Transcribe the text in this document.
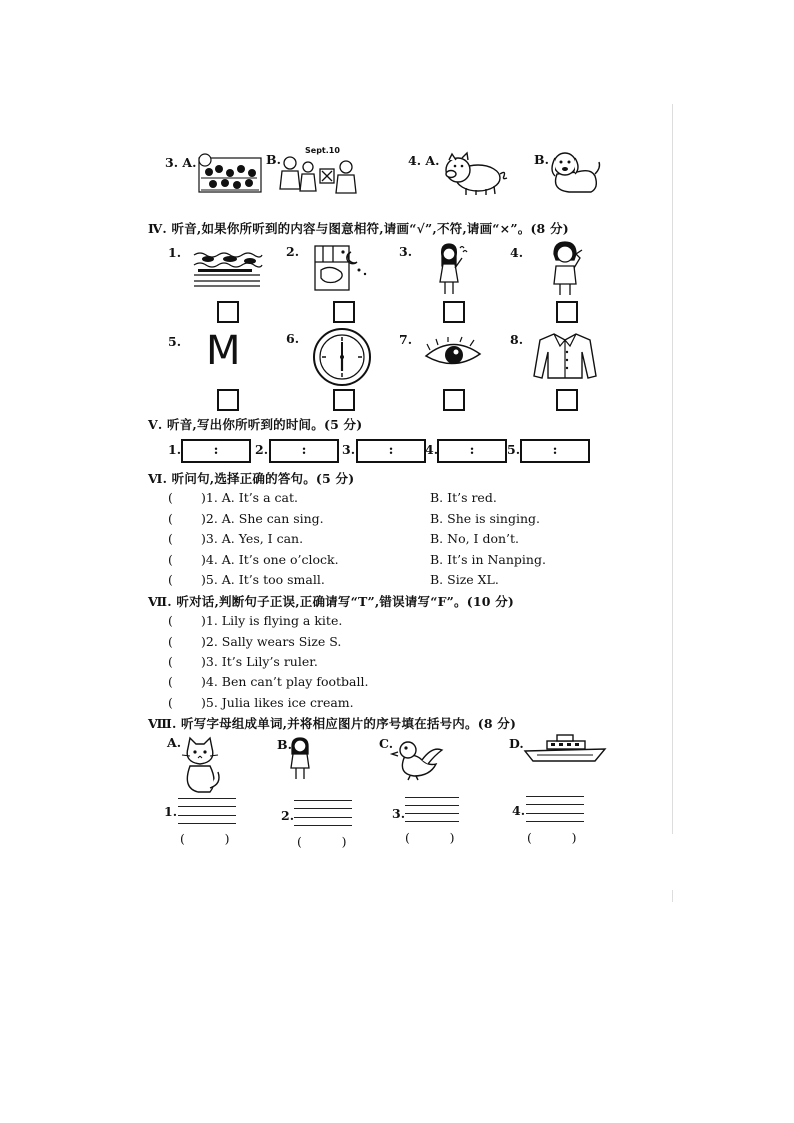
3. A.	B.
Sept.10
4. A.	B.
Ⅳ. 听音,如果你所听到的内容与图意相符,请画“√”,不符,请画“×”。(8 分)
1.	2.	3.	4.
5. M	6.	7.	8.
Ⅴ. 听音,写出你所听到的时间。(5 分)
1.	:	2.	:	3.	:	4.	:	5.	:
Ⅵ. 听问句,选择正确的答句。(5 分)
( )1. A. It’s a cat.	B. It’s red.
( )2. A. She can sing.	B. She is singing.
( )3. A. Yes, I can.	B. No, I don’t.
( )4. A. It’s one o’clock.	B. It’s in Nanping.
( )5. A. It’s too small.	B. Size XL.
Ⅶ. 听对话,判断句子正误,正确请写“T”,错误请写“F”。(10 分)
( )1. Lily is flying a kite.
( )2. Sally wears Size S.
( )3. It’s Lily’s ruler.
( )4. Ben can’t play football.
( )5. Julia likes ice cream.
Ⅷ. 听写字母组成单词,并将相应图片的序号填在括号内。(8 分)
A.	B.	C.	D.
1.
(          )
2.
(          )
3.
(          )
4.
(          )
